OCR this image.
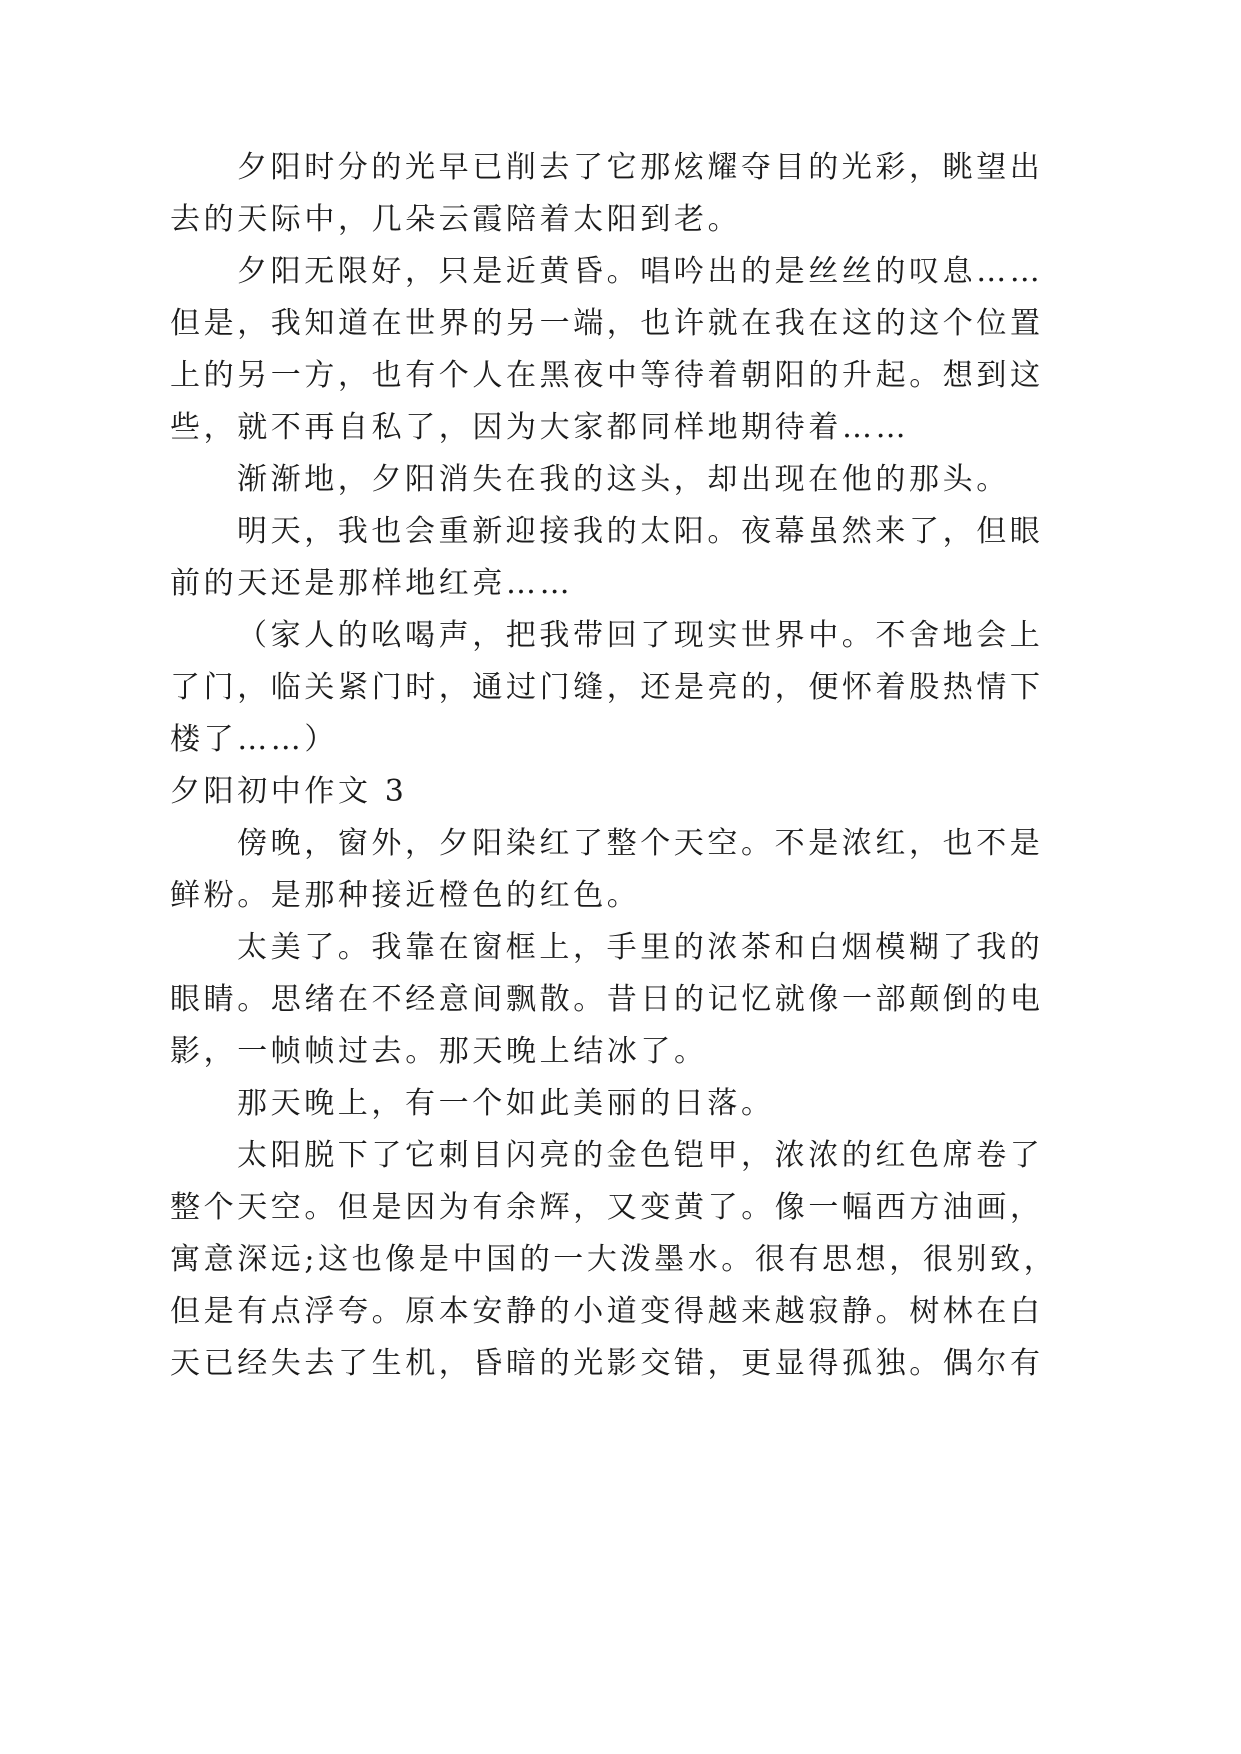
夕阳时分的光早已削去了它那炫耀夺目的光彩，眺望出
去的天际中，几朵云霞陪着太阳到老。
夕阳无限好，只是近黄昏。唱吟出的是丝丝的叹息……
但是，我知道在世界的另一端，也许就在我在这的这个位置
上的另一方，也有个人在黑夜中等待着朝阳的升起。想到这
些，就不再自私了，因为大家都同样地期待着……
渐渐地，夕阳消失在我的这头，却出现在他的那头。
明天，我也会重新迎接我的太阳。夜幕虽然来了，但眼
前的天还是那样地红亮……
（家人的吆喝声，把我带回了现实世界中。不舍地会上
了门，临关紧门时，通过门缝，还是亮的，便怀着股热情下
楼了……）
夕阳初中作文 3
傍晚，窗外，夕阳染红了整个天空。不是浓红，也不是
鲜粉。是那种接近橙色的红色。
太美了。我靠在窗框上，手里的浓茶和白烟模糊了我的
眼睛。思绪在不经意间飘散。昔日的记忆就像一部颠倒的电
影，一帧帧过去。那天晚上结冰了。
那天晚上，有一个如此美丽的日落。
太阳脱下了它刺目闪亮的金色铠甲，浓浓的红色席卷了
整个天空。但是因为有余辉，又变黄了。像一幅西方油画，
寓意深远;这也像是中国的一大泼墨水。很有思想，很别致，
但是有点浮夸。原本安静的小道变得越来越寂静。树林在白
天已经失去了生机，昏暗的光影交错，更显得孤独。偶尔有
